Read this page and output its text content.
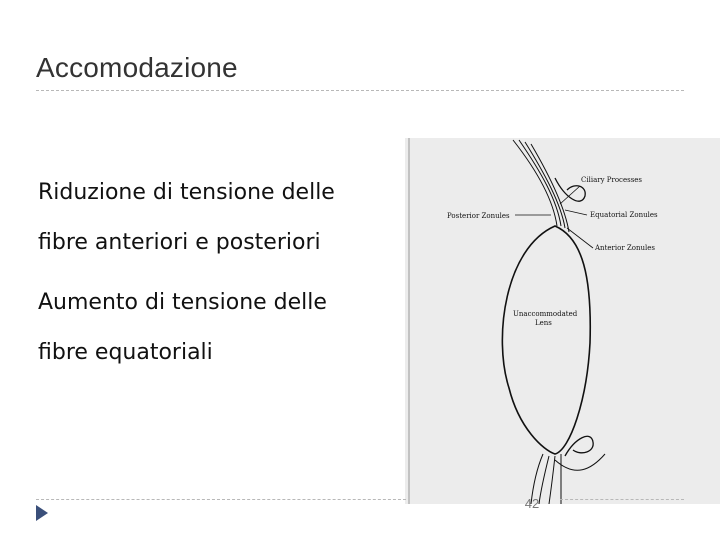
Accomodazione
Riduzione di tensione delle
fibre anteriori e posteriori
Aumento di tensione delle
fibre equatoriali
Ciliary Processes
Posterior Zonules	Equatorial Zonules
Anterior Zonules
Unaccommodated
Lens
42
